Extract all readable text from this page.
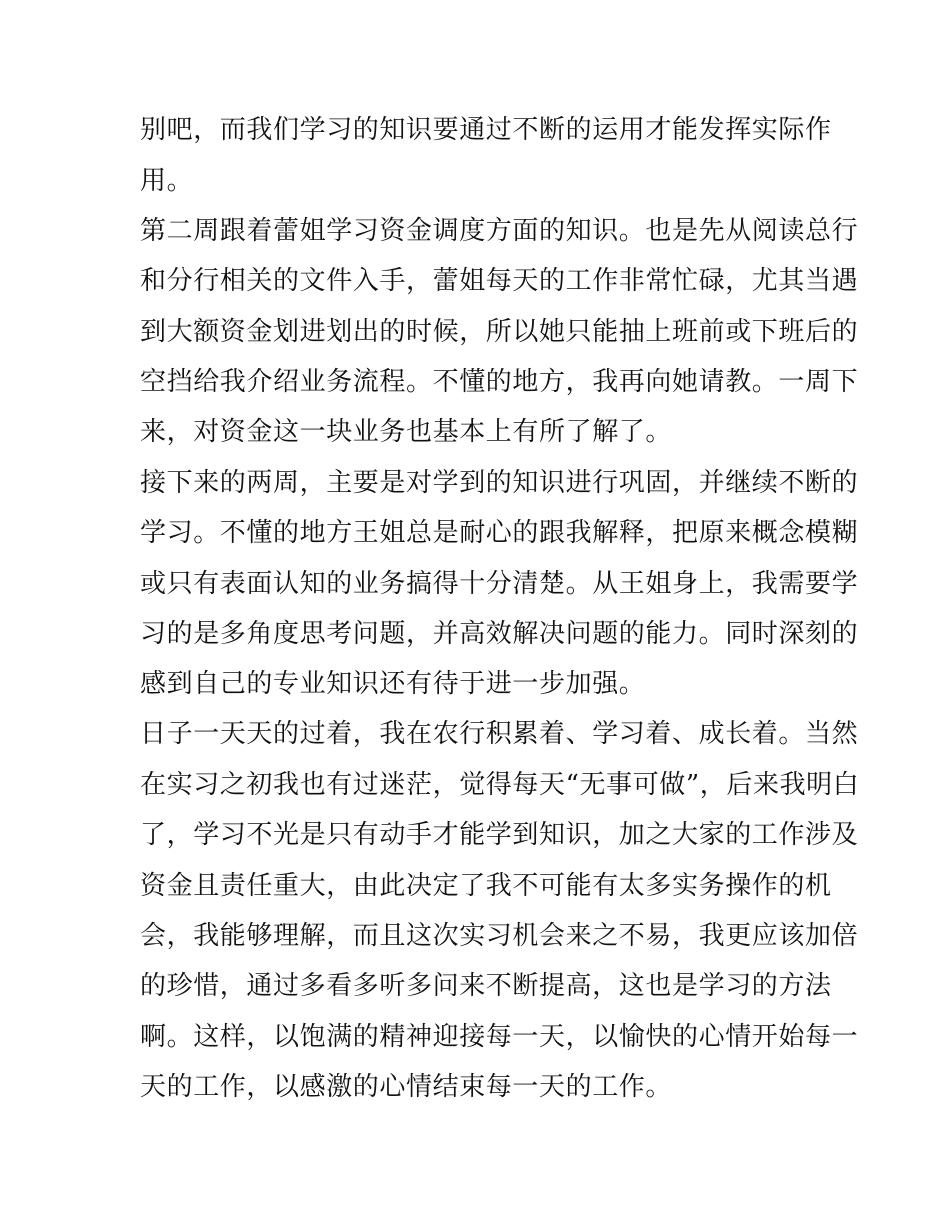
别吧，而我们学习的知识要通过不断的运用才能发挥实际作
用。
第二周跟着蕾姐学习资金调度方面的知识。也是先从阅读总行
和分行相关的文件入手，蕾姐每天的工作非常忙碌，尤其当遇
到大额资金划进划出的时候，所以她只能抽上班前或下班后的
空挡给我介绍业务流程。不懂的地方，我再向她请教。一周下
来，对资金这一块业务也基本上有所了解了。
接下来的两周，主要是对学到的知识进行巩固，并继续不断的
学习。不懂的地方王姐总是耐心的跟我解释，把原来概念模糊
或只有表面认知的业务搞得十分清楚。从王姐身上，我需要学
习的是多角度思考问题，并高效解决问题的能力。同时深刻的
感到自己的专业知识还有待于进一步加强。
日子一天天的过着，我在农行积累着、学习着、成长着。当然
在实习之初我也有过迷茫，觉得每天“无事可做”，后来我明白
了，学习不光是只有动手才能学到知识，加之大家的工作涉及
资金且责任重大，由此决定了我不可能有太多实务操作的机
会，我能够理解，而且这次实习机会来之不易，我更应该加倍
的珍惜，通过多看多听多问来不断提高，这也是学习的方法
啊。这样，以饱满的精神迎接每一天，以愉快的心情开始每一
天的工作，以感激的心情结束每一天的工作。
